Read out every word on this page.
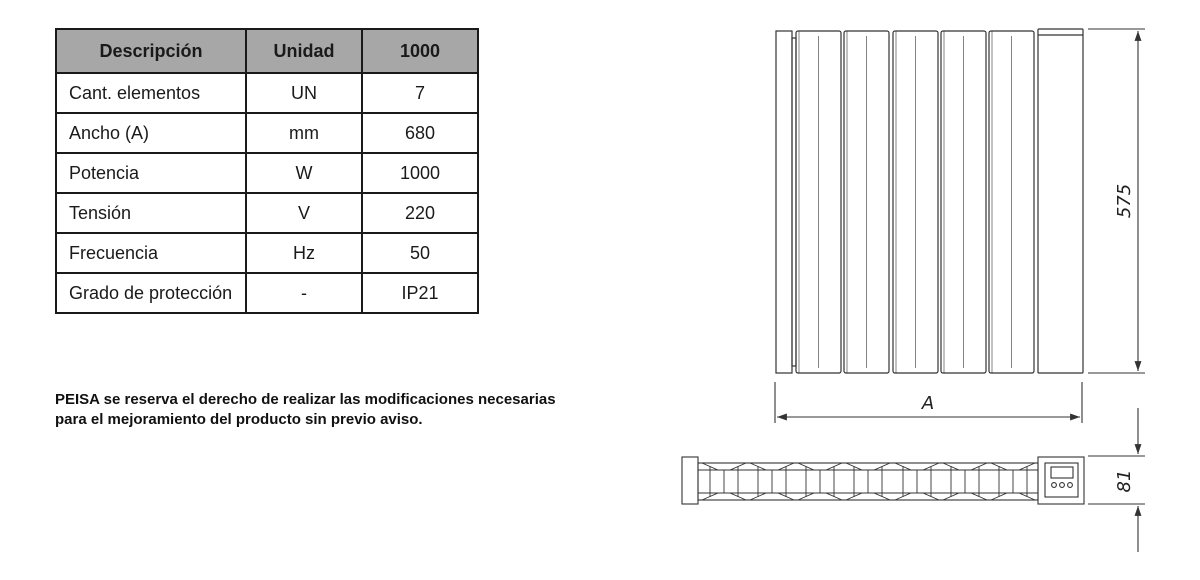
Descripción	Unidad	1000
Cant. elementos	UN	7
Ancho (A)	mm	680
Potencia	W	1000
Tensión	V	220
Frecuencia	Hz	50
Grado de protección	-	IP21
PEISA se reserva el derecho de realizar las modificaciones necesarias
para el mejoramiento del producto sin previo aviso.
575
A
81
